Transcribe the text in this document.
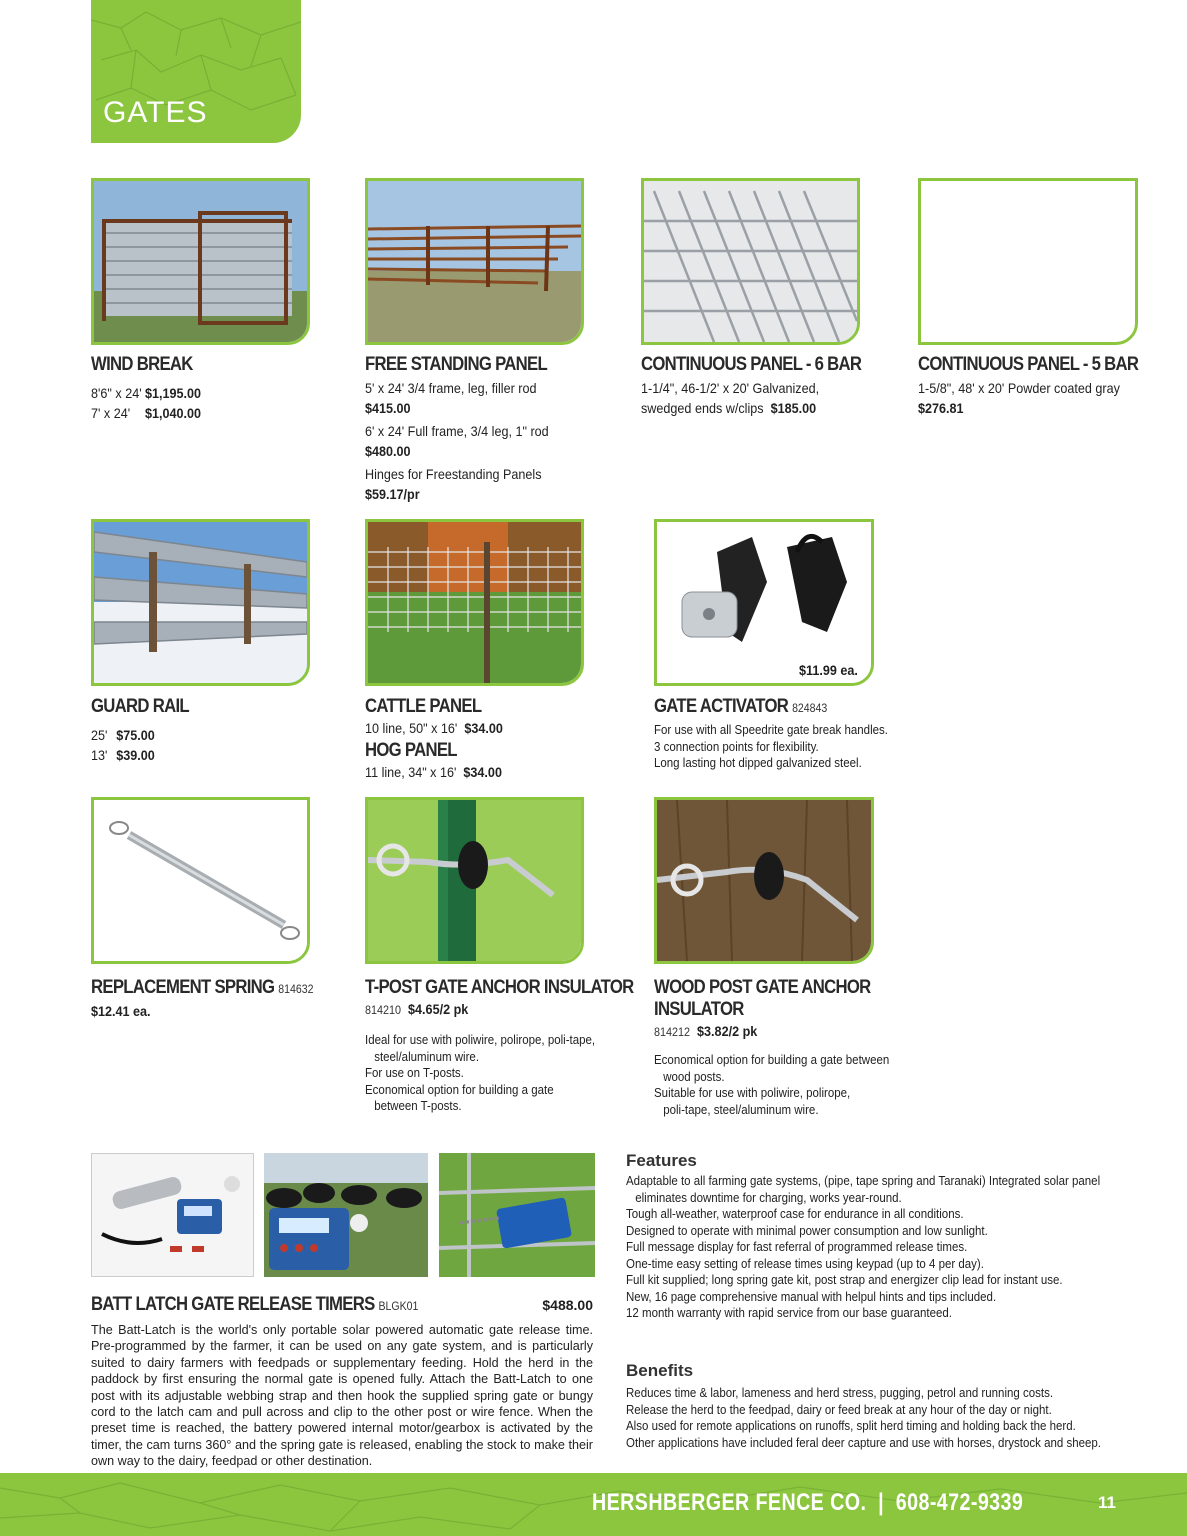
GATES
WIND BREAK
8'6" x 24' $1,195.00
7' x 24' $1,040.00
FREE STANDING PANEL
5' x 24' 3/4 frame, leg, filler rod
$415.00
6' x 24' Full frame, 3/4 leg, 1" rod
$480.00
Hinges for Freestanding Panels
$59.17/pr
CONTINUOUS PANEL - 6 BAR
1-1/4", 46-1/2' x 20' Galvanized,
swedged ends w/clips $185.00
CONTINUOUS PANEL - 5 BAR
1-5/8", 48' x 20' Powder coated gray
$276.81
$11.99 ea.
GUARD RAIL
25' $75.00
13' $39.00
CATTLE PANEL
10 line, 50" x 16' $34.00
HOG PANEL
11 line, 34" x 16' $34.00
GATE ACTIVATOR 824843
For use with all Speedrite gate break handles.
3 connection points for flexibility.
Long lasting hot dipped galvanized steel.
REPLACEMENT SPRING 814632
$12.41 ea.
T-POST GATE ANCHOR INSULATOR
814210 $4.65/2 pk
Ideal for use with poliwire, polirope, poli-tape,
steel/aluminum wire.
For use on T-posts.
Economical option for building a gate
between T-posts.
WOOD POST GATE ANCHOR
INSULATOR
814212 $3.82/2 pk
Economical option for building a gate between
wood posts.
Suitable for use with poliwire, polirope,
poli-tape, steel/aluminum wire.
BATT LATCH GATE RELEASE TIMERS BLGK01	$488.00
The Batt-Latch is the world's only portable solar powered automatic gate release time. Pre-programmed by the farmer, it can be used on any gate system, and is particularly suited to dairy farmers with feedpads or supplementary feeding. Hold the herd in the paddock by first ensuring the normal gate is opened fully. Attach the Batt-Latch to one post with its adjustable webbing strap and then hook the supplied spring gate or bungy cord to the latch cam and pull across and clip to the other post or wire fence. When the preset time is reached, the battery powered internal motor/gearbox is activated by the timer, the cam turns 360° and the spring gate is released, enabling the stock to make their own way to the dairy, feedpad or other destination.
Features
Adaptable to all farming gate systems, (pipe, tape spring and Taranaki) Integrated solar panel
eliminates downtime for charging, works year-round.
Tough all-weather, waterproof case for endurance in all conditions.
Designed to operate with minimal power consumption and low sunlight.
Full message display for fast referral of programmed release times.
One-time easy setting of release times using keypad (up to 4 per day).
Full kit supplied; long spring gate kit, post strap and energizer clip lead for instant use.
New, 16 page comprehensive manual with helpul hints and tips included.
12 month warranty with rapid service from our base guaranteed.
Benefits
Reduces time & labor, lameness and herd stress, pugging, petrol and running costs.
Release the herd to the feedpad, dairy or feed break at any hour of the day or night.
Also used for remote applications on runoffs, split herd timing and holding back the herd.
Other applications have included feral deer capture and use with horses, drystock and sheep.
HERSHBERGER FENCE CO. | 608-472-9339	11
